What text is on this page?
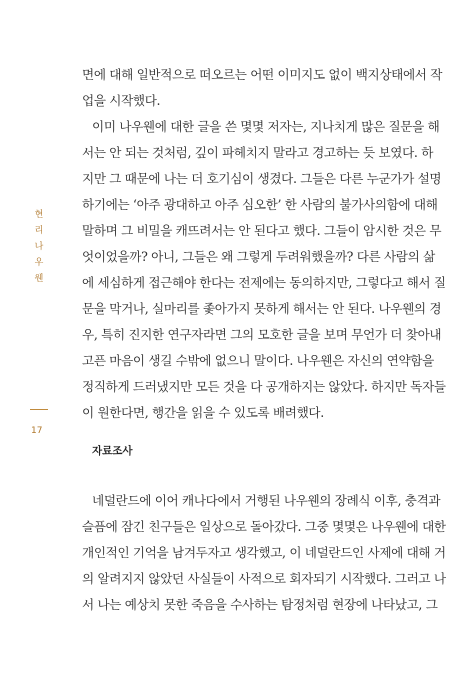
면에 대해 일반적으로 떠오르는 어떤 이미지도 없이 백지상태에서 작
업을 시작했다.
이미 나우웬에 대한 글을 쓴 몇몇 저자는, 지나치게 많은 질문을 해
서는 안 되는 것처럼, 깊이 파헤치지 말라고 경고하는 듯 보였다. 하
지만 그 때문에 나는 더 호기심이 생겼다. 그들은 다른 누군가가 설명
하기에는 ‘아주 광대하고 아주 심오한’ 한 사람의 불가사의함에 대해
말하며 그 비밀을 캐뜨려서는 안 된다고 했다. 그들이 암시한 것은 무
엇이었을까? 아니, 그들은 왜 그렇게 두려워했을까? 다른 사람의 삶
에 세심하게 접근해야 한다는 전제에는 동의하지만, 그렇다고 해서 질
문을 막거나, 실마리를 좇아가지 못하게 해서는 안 된다. 나우웬의 경
우, 특히 진지한 연구자라면 그의 모호한 글을 보며 무언가 더 찾아내
고픈 마음이 생길 수밖에 없으니 말이다. 나우웬은 자신의 연약함을
정직하게 드러냈지만 모든 것을 다 공개하지는 않았다. 하지만 독자들
이 원한다면, 행간을 읽을 수 있도록 배려했다.
현
리
나
우
웬
17
자료조사
네덜란드에 이어 캐나다에서 거행된 나우웬의 장례식 이후, 충격과
슬픔에 잠긴 친구들은 일상으로 돌아갔다. 그중 몇몇은 나우웬에 대한
개인적인 기억을 남겨두자고 생각했고, 이 네덜란드인 사제에 대해 거
의 알려지지 않았던 사실들이 사적으로 회자되기 시작했다. 그러고 나
서 나는 예상치 못한 죽음을 수사하는 탐정처럼 현장에 나타났고, 그
